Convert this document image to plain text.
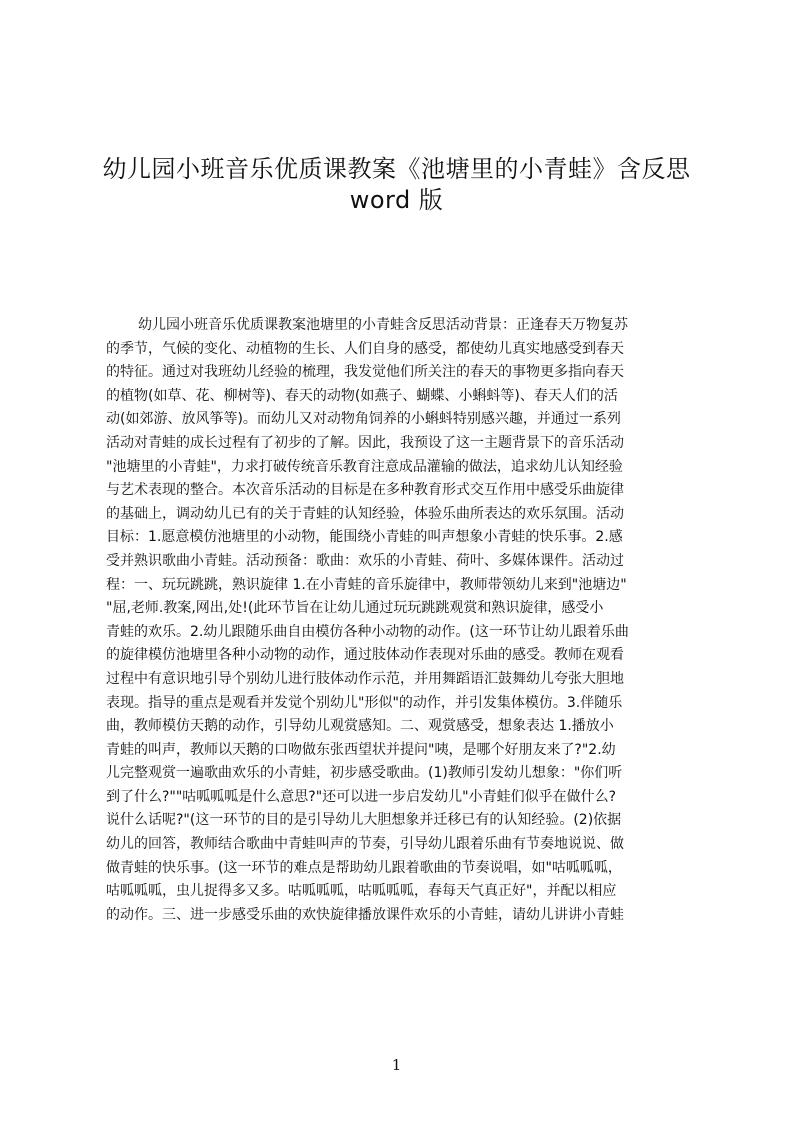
幼儿园小班音乐优质课教案《池塘里的小青蛙》含反思
word 版
幼儿园小班音乐优质课教案池塘里的小青蛙含反思活动背景：正逢春天万物复苏
的季节，气候的变化、动植物的生长、人们自身的感受，都使幼儿真实地感受到春天
的特征。通过对我班幼儿经验的梳理，我发觉他们所关注的春天的事物更多指向春天
的植物(如草、花、柳树等)、春天的动物(如燕子、蝴蝶、小蝌蚪等)、春天人们的活
动(如郊游、放风筝等)。而幼儿又对动物角饲养的小蝌蚪特别感兴趣，并通过一系列
活动对青蛙的成长过程有了初步的了解。因此，我预设了这一主题背景下的音乐活动
"池塘里的小青蛙"，力求打破传统音乐教育注意成品灌输的做法，追求幼儿认知经验
与艺术表现的整合。本次音乐活动的目标是在多种教育形式交互作用中感受乐曲旋律
的基础上，调动幼儿已有的关于青蛙的认知经验，体验乐曲所表达的欢乐氛围。活动
目标：1.愿意模仿池塘里的小动物，能围绕小青蛙的叫声想象小青蛙的快乐事。2.感
受并熟识歌曲小青蛙。活动预备：歌曲：欢乐的小青蛙、荷叶、多媒体课件。活动过
程：一、玩玩跳跳，熟识旋律 1.在小青蛙的音乐旋律中，教师带领幼儿来到"池塘边"
"屈,老师.教案,网出,处!(此环节旨在让幼儿通过玩玩跳跳观赏和熟识旋律，感受小
青蛙的欢乐。2.幼儿跟随乐曲自由模仿各种小动物的动作。(这一环节让幼儿跟着乐曲
的旋律模仿池塘里各种小动物的动作，通过肢体动作表现对乐曲的感受。教师在观看
过程中有意识地引导个别幼儿进行肢体动作示范，并用舞蹈语汇鼓舞幼儿夸张大胆地
表现。指导的重点是观看并发觉个别幼儿"形似"的动作，并引发集体模仿。3.伴随乐
曲，教师模仿天鹅的动作，引导幼儿观赏感知。二、观赏感受，想象表达 1.播放小
青蛙的叫声，教师以天鹅的口吻做东张西望状并提问"咦，是哪个好朋友来了?"2.幼
儿完整观赏一遍歌曲欢乐的小青蛙，初步感受歌曲。(1)教师引发幼儿想象："你们听
到了什么?""咕呱呱呱是什么意思?"还可以进一步启发幼儿"小青蛙们似乎在做什么?
说什么话呢?"(这一环节的目的是引导幼儿大胆想象并迁移已有的认知经验。(2)依据
幼儿的回答，教师结合歌曲中青蛙叫声的节奏，引导幼儿跟着乐曲有节奏地说说、做
做青蛙的快乐事。(这一环节的难点是帮助幼儿跟着歌曲的节奏说唱，如"咕呱呱呱，
咕呱呱呱，虫儿捉得多又多。咕呱呱呱，咕呱呱呱，春每天气真正好"，并配以相应
的动作。三、进一步感受乐曲的欢快旋律播放课件欢乐的小青蛙，请幼儿讲讲小青蛙
1
